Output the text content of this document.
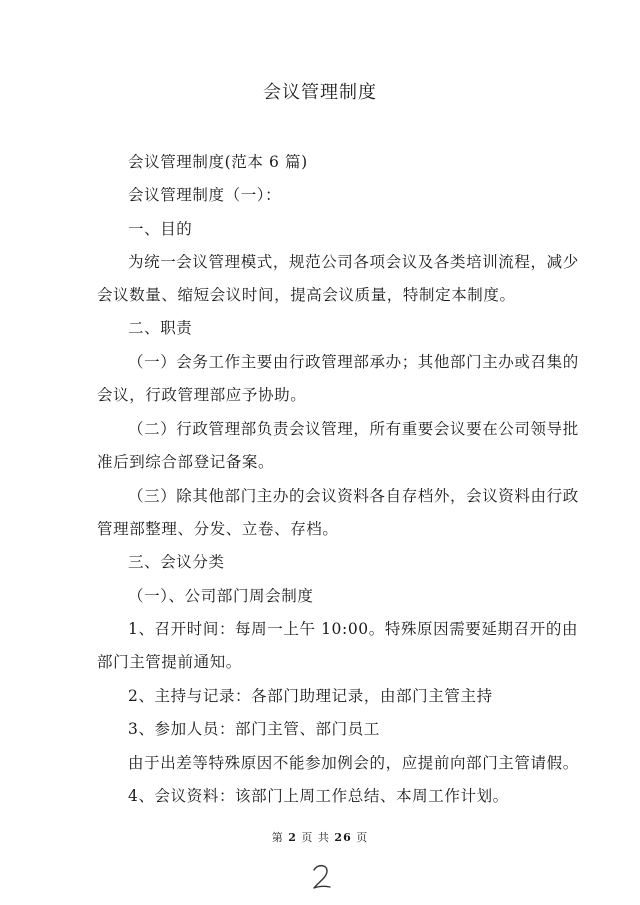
会议管理制度
会议管理制度(范本 6 篇)
会议管理制度（一）：
一、目的
为统一会议管理模式，规范公司各项会议及各类培训流程，减少
会议数量、缩短会议时间，提高会议质量，特制定本制度。
二、职责
（一）会务工作主要由行政管理部承办；其他部门主办或召集的
会议，行政管理部应予协助。
（二）行政管理部负责会议管理，所有重要会议要在公司领导批
准后到综合部登记备案。
（三）除其他部门主办的会议资料各自存档外，会议资料由行政
管理部整理、分发、立卷、存档。
三、会议分类
（一）、公司部门周会制度
1、召开时间：每周一上午 10:00。特殊原因需要延期召开的由
部门主管提前通知。
2、主持与记录：各部门助理记录，由部门主管主持
3、参加人员：部门主管、部门员工
由于出差等特殊原因不能参加例会的，应提前向部门主管请假。
4、会议资料：该部门上周工作总结、本周工作计划。
第 2 页 共 26 页
